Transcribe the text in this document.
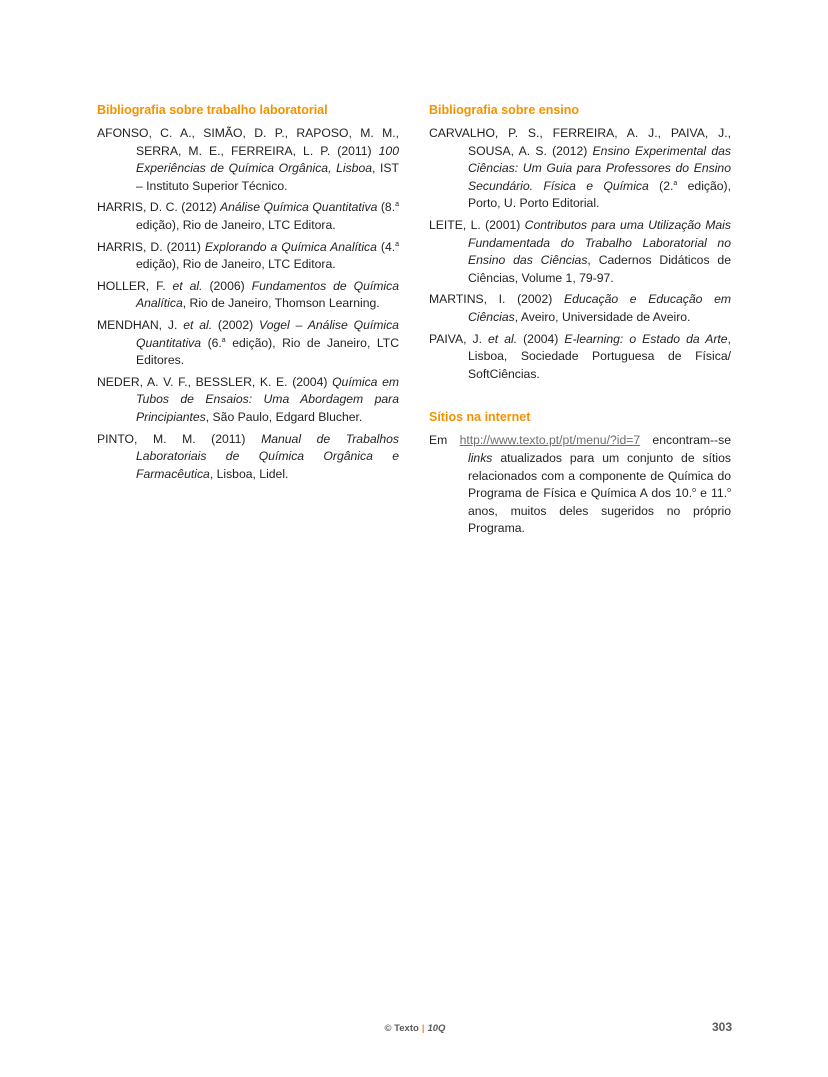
Bibliografia sobre trabalho laboratorial

AFONSO, C. A., SIMÃO, D. P., RAPOSO, M. M., SERRA, M. E., FERREIRA, L. P. (2011) 100 Experiências de Química Orgânica, Lisboa, IST – Instituto Superior Técnico.

HARRIS, D. C. (2012) Análise Química Quantitativa (8.$^a$ edição), Rio de Janeiro, LTC Editora.

HARRIS, D. (2011) Explorando a Química Analítica (4.$^a$ edição), Rio de Janeiro, LTC Editora.

HOLLER, F. et al. (2006) Fundamentos de Química Analítica, Rio de Janeiro, Thomson Learning.

MENDHAN, J. et al. (2002) Vogel – Análise Química Quantitativa (6.$^a$ edição), Rio de Janeiro, LTC Editores.

NEDER, A. V. F., BESSLER, K. E. (2004) Química em Tubos de Ensaios: Uma Abordagem para Principiantes, São Paulo, Edgard Blucher.

PINTO, M. M. (2011) Manual de Trabalhos Laboratoriais de Química Orgânica e Farmacêutica, Lisboa, Lidel.

Bibliografia sobre ensino

CARVALHO, P. S., FERREIRA, A. J., PAIVA, J., SOUSA, A. S. (2012) Ensino Experimental das Ciências: Um Guia para Professores do Ensino Secundário. Física e Química (2.$^a$ edição), Porto, U. Porto Editorial.

LEITE, L. (2001) Contributos para uma Utilização Mais Fundamentada do Trabalho Laboratorial no Ensino das Ciências, Cadernos Didáticos de Ciências, Volume 1, 79-97.

MARTINS, I. (2002) Educação e Educação em Ciências, Aveiro, Universidade de Aveiro.

PAIVA, J. et al. (2004) E-learning: o Estado da Arte, Lisboa, Sociedade Portuguesa de Física/ SoftCiências.

Sítios na internet

Em http://www.texto.pt/pt/menu/?id=7 encontram--se links atualizados para um conjunto de sítios relacionados com a componente de Química do Programa de Física e Química A dos 10.$^o$ e 11.$^o$ anos, muitos deles sugeridos no próprio Programa.

© Texto | 10Q	303
